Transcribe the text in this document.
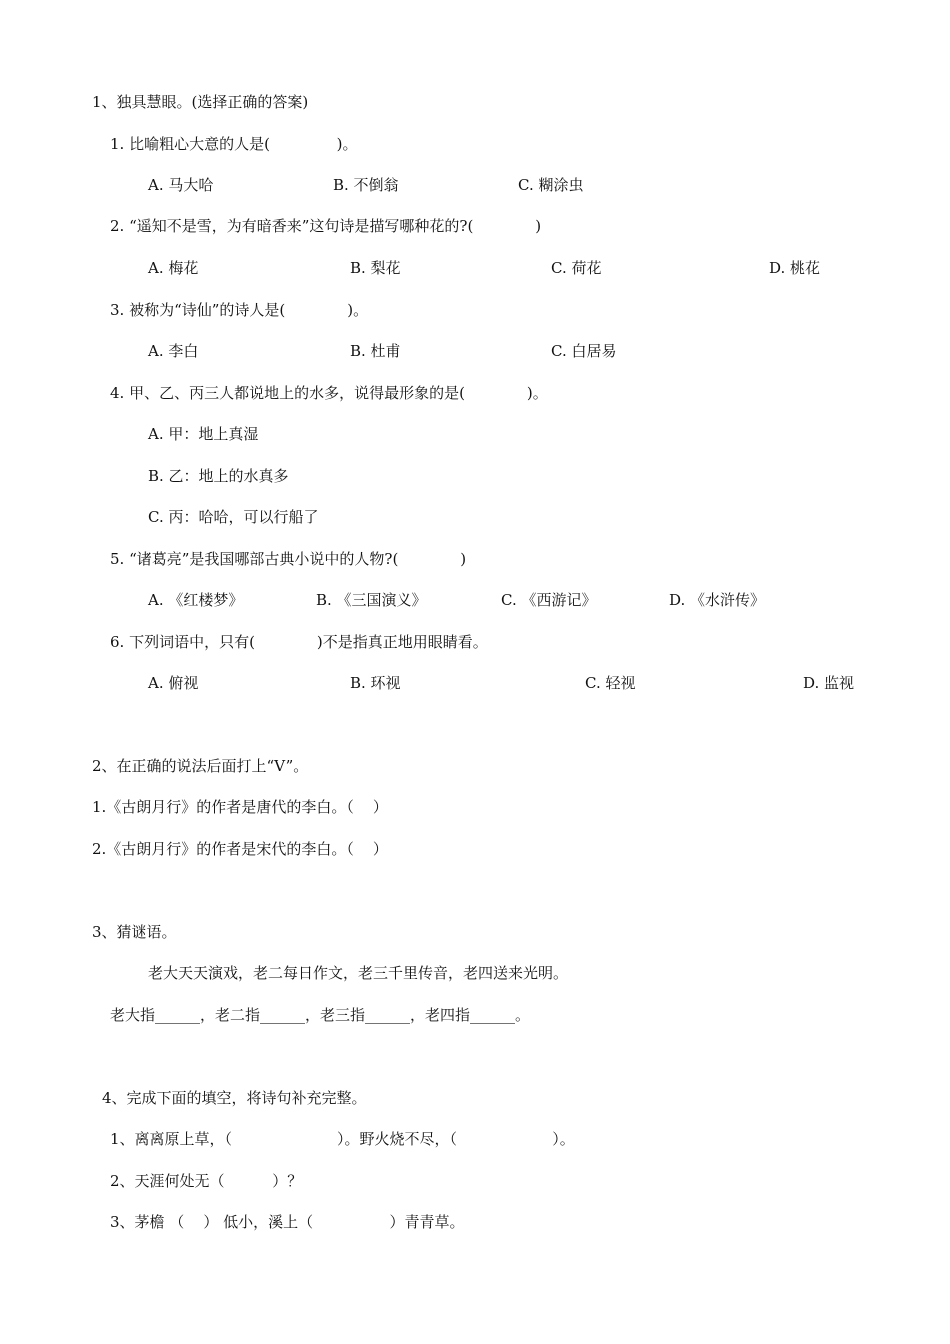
1、独具慧眼。(选择正确的答案)
1. 比喻粗心大意的人是(              )。
A. 马大哈	B. 不倒翁	C. 糊涂虫
2. “遥知不是雪，为有暗香来”这句诗是描写哪种花的?(             )
A. 梅花	B. 梨花	C. 荷花	D. 桃花
3. 被称为“诗仙”的诗人是(             )。
A. 李白	B. 杜甫	C. 白居易
4. 甲、乙、丙三人都说地上的水多，说得最形象的是(             )。
A. 甲：地上真湿
B. 乙：地上的水真多
C. 丙：哈哈，可以行船了
5. “诸葛亮”是我国哪部古典小说中的人物?(             )
A. 《红楼梦》	B. 《三国演义》	C. 《西游记》	D. 《水浒传》
6. 下列词语中，只有(             )不是指真正地用眼睛看。
A. 俯视	B. 环视	C. 轻视	D. 监视
2、在正确的说法后面打上“V”。
1.《古朗月行》的作者是唐代的李白。（    ）
2.《古朗月行》的作者是宋代的李白。（    ）
3、猜谜语。
老大天天演戏，老二每日作文，老三千里传音，老四送来光明。
老大指______，老二指______，老三指______，老四指______。
4、完成下面的填空，将诗句补充完整。
1、离离原上草，（                      ）。野火烧不尽，（                    ）。
2、天涯何处无（          ）？
3、茅檐 （    ） 低小，溪上（                ）青青草。
